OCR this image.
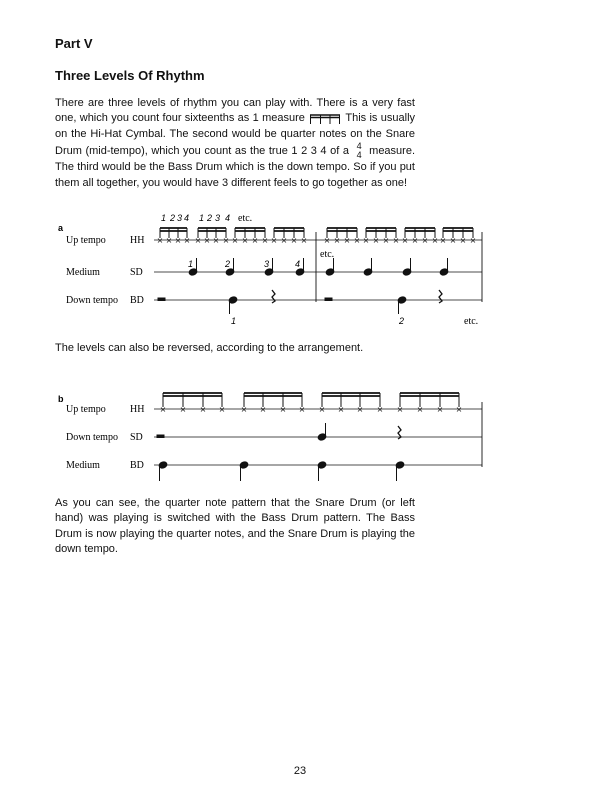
Part V
Three Levels Of Rhythm

There are three levels of rhythm you can play with. There is a very fast one, which you count four sixteenths as 1 measure	This is usually on the Hi-Hat Cymbal. The second would be quarter notes on the Snare Drum (mid-tempo), which you count as the true 1 2 3 4 of a 4
4 measure. The third would be the Bass Drum which is the down tempo. So if you put them all together, you would have 3 different feels to go together as one!

a
1 2 3 4 1 2 3 4 etc.
Up tempo HH
Medium	SD
Down tempo BD
× × × × × × × × × × × × × × × × × × × × × × × × × × × × × × × ×
etc.
1	2	3	4
1	2	etc.

The levels can also be reversed, according to the arrangement.

b
Up tempo HH
Down tempo SD
Medium	BD
× × × × × × × × × × × × × × × ×

As you can see, the quarter note pattern that the Snare Drum (or left hand) was playing is switched with the Bass Drum pattern. The Bass Drum is now playing the quarter notes, and the Snare Drum is playing the down tempo.

23
